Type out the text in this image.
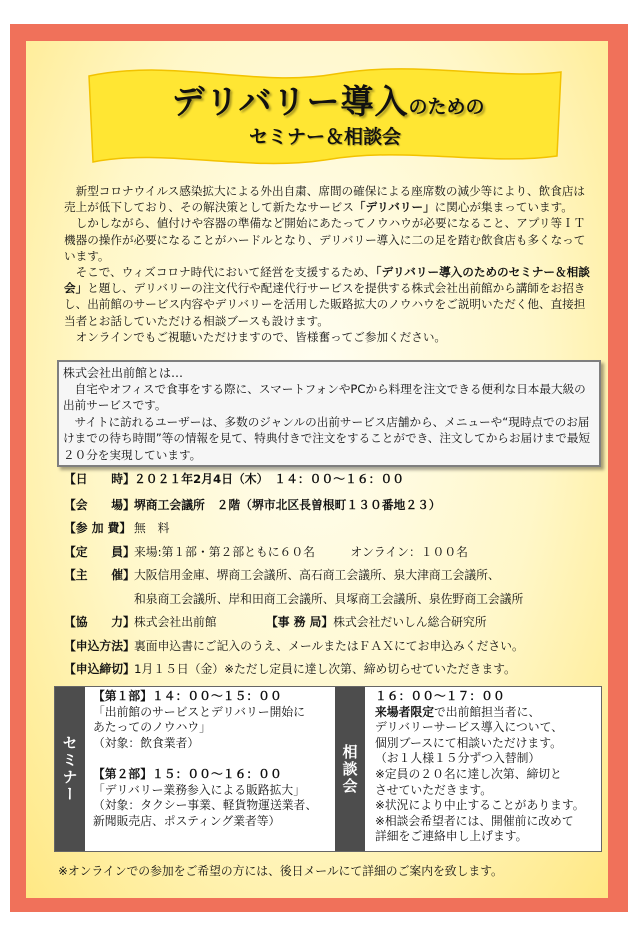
デリバリー導入のための
セミナー＆相談会

新型コロナウイルス感染拡大による外出自粛、席間の確保による座席数の減少等により、飲食店は売上が低下しており、その解決策として新たなサービス「デリバリー」に関心が集まっています。

しかしながら、値付けや容器の準備など開始にあたってノウハウが必要になること、アプリ等ＩＴ機器の操作が必要になることがハードルとなり、デリバリー導入に二の足を踏む飲食店も多くなっています。

そこで、ウィズコロナ時代において経営を支援するため、「デリバリー導入のためのセミナー＆相談会」と題し、デリバリーの注文代行や配達代行サービスを提供する株式会社出前館から講師をお招きし、出前館のサービス内容やデリバリーを活用した販路拡大のノウハウをご説明いただく他、直接担当者とお話していただける相談ブースも設けます。

オンラインでもご視聴いただけますので、皆様奮ってご参加ください。

株式会社出前館とは…

自宅やオフィスで食事をする際に、スマートフォンやPCから料理を注文できる便利な日本最大級の出前サービスです。

サイトに訪れるユーザーは、多数のジャンルの出前サービス店舗から、メニューや“現時点でのお届けまでの待ち時間”等の情報を見て、特典付きで注文をすることができ、注文してからお届けまで最短２０分を実現しています。

【日　　時】２０２１年2月4日（木）　１４：００～１６：００
【会　　場】堺商工会議所　２階（堺市北区長曽根町１３０番地２３）
【参 加 費】 無　料
【定　　員】来場:第１部・第２部ともに６０名　　　オンライン：１００名
【主　　催】大阪信用金庫、堺商工会議所、高石商工会議所、泉大津商工会議所、
和泉商工会議所、岸和田商工会議所、貝塚商工会議所、泉佐野商工会議所
【協　　力】株式会社出前館	【事 務 局】株式会社だいしん総合研究所
【申込方法】裏面申込書にご記入のうえ、メールまたはＦＡＸにてお申込みください。
【申込締切】1月１５日（金）※ただし定員に達し次第、締め切らせていただきます。
セミナー
【第１部】１４：００～１５：００
「出前館のサービスとデリバリー開始に
あたってのノウハウ」
（対象：飲食業者）
【第２部】１５：００～１６：００
「デリバリー業務参入による販路拡大」
（対象：タクシー事業、軽貨物運送業者、
新聞販売店、ポスティング業者等）
相談会
１６：００～１７：００
来場者限定で出前館担当者に、
デリバリーサービス導入について、
個別ブースにて相談いただけます。
（お１人様１５分ずつ入替制）
※定員の２０名に達し次第、締切と
させていただきます。
※状況により中止することがあります。
※相談会希望者には、開催前に改めて
詳細をご連絡申し上げます。
※オンラインでの参加をご希望の方には、後日メールにて詳細のご案内を致します。
